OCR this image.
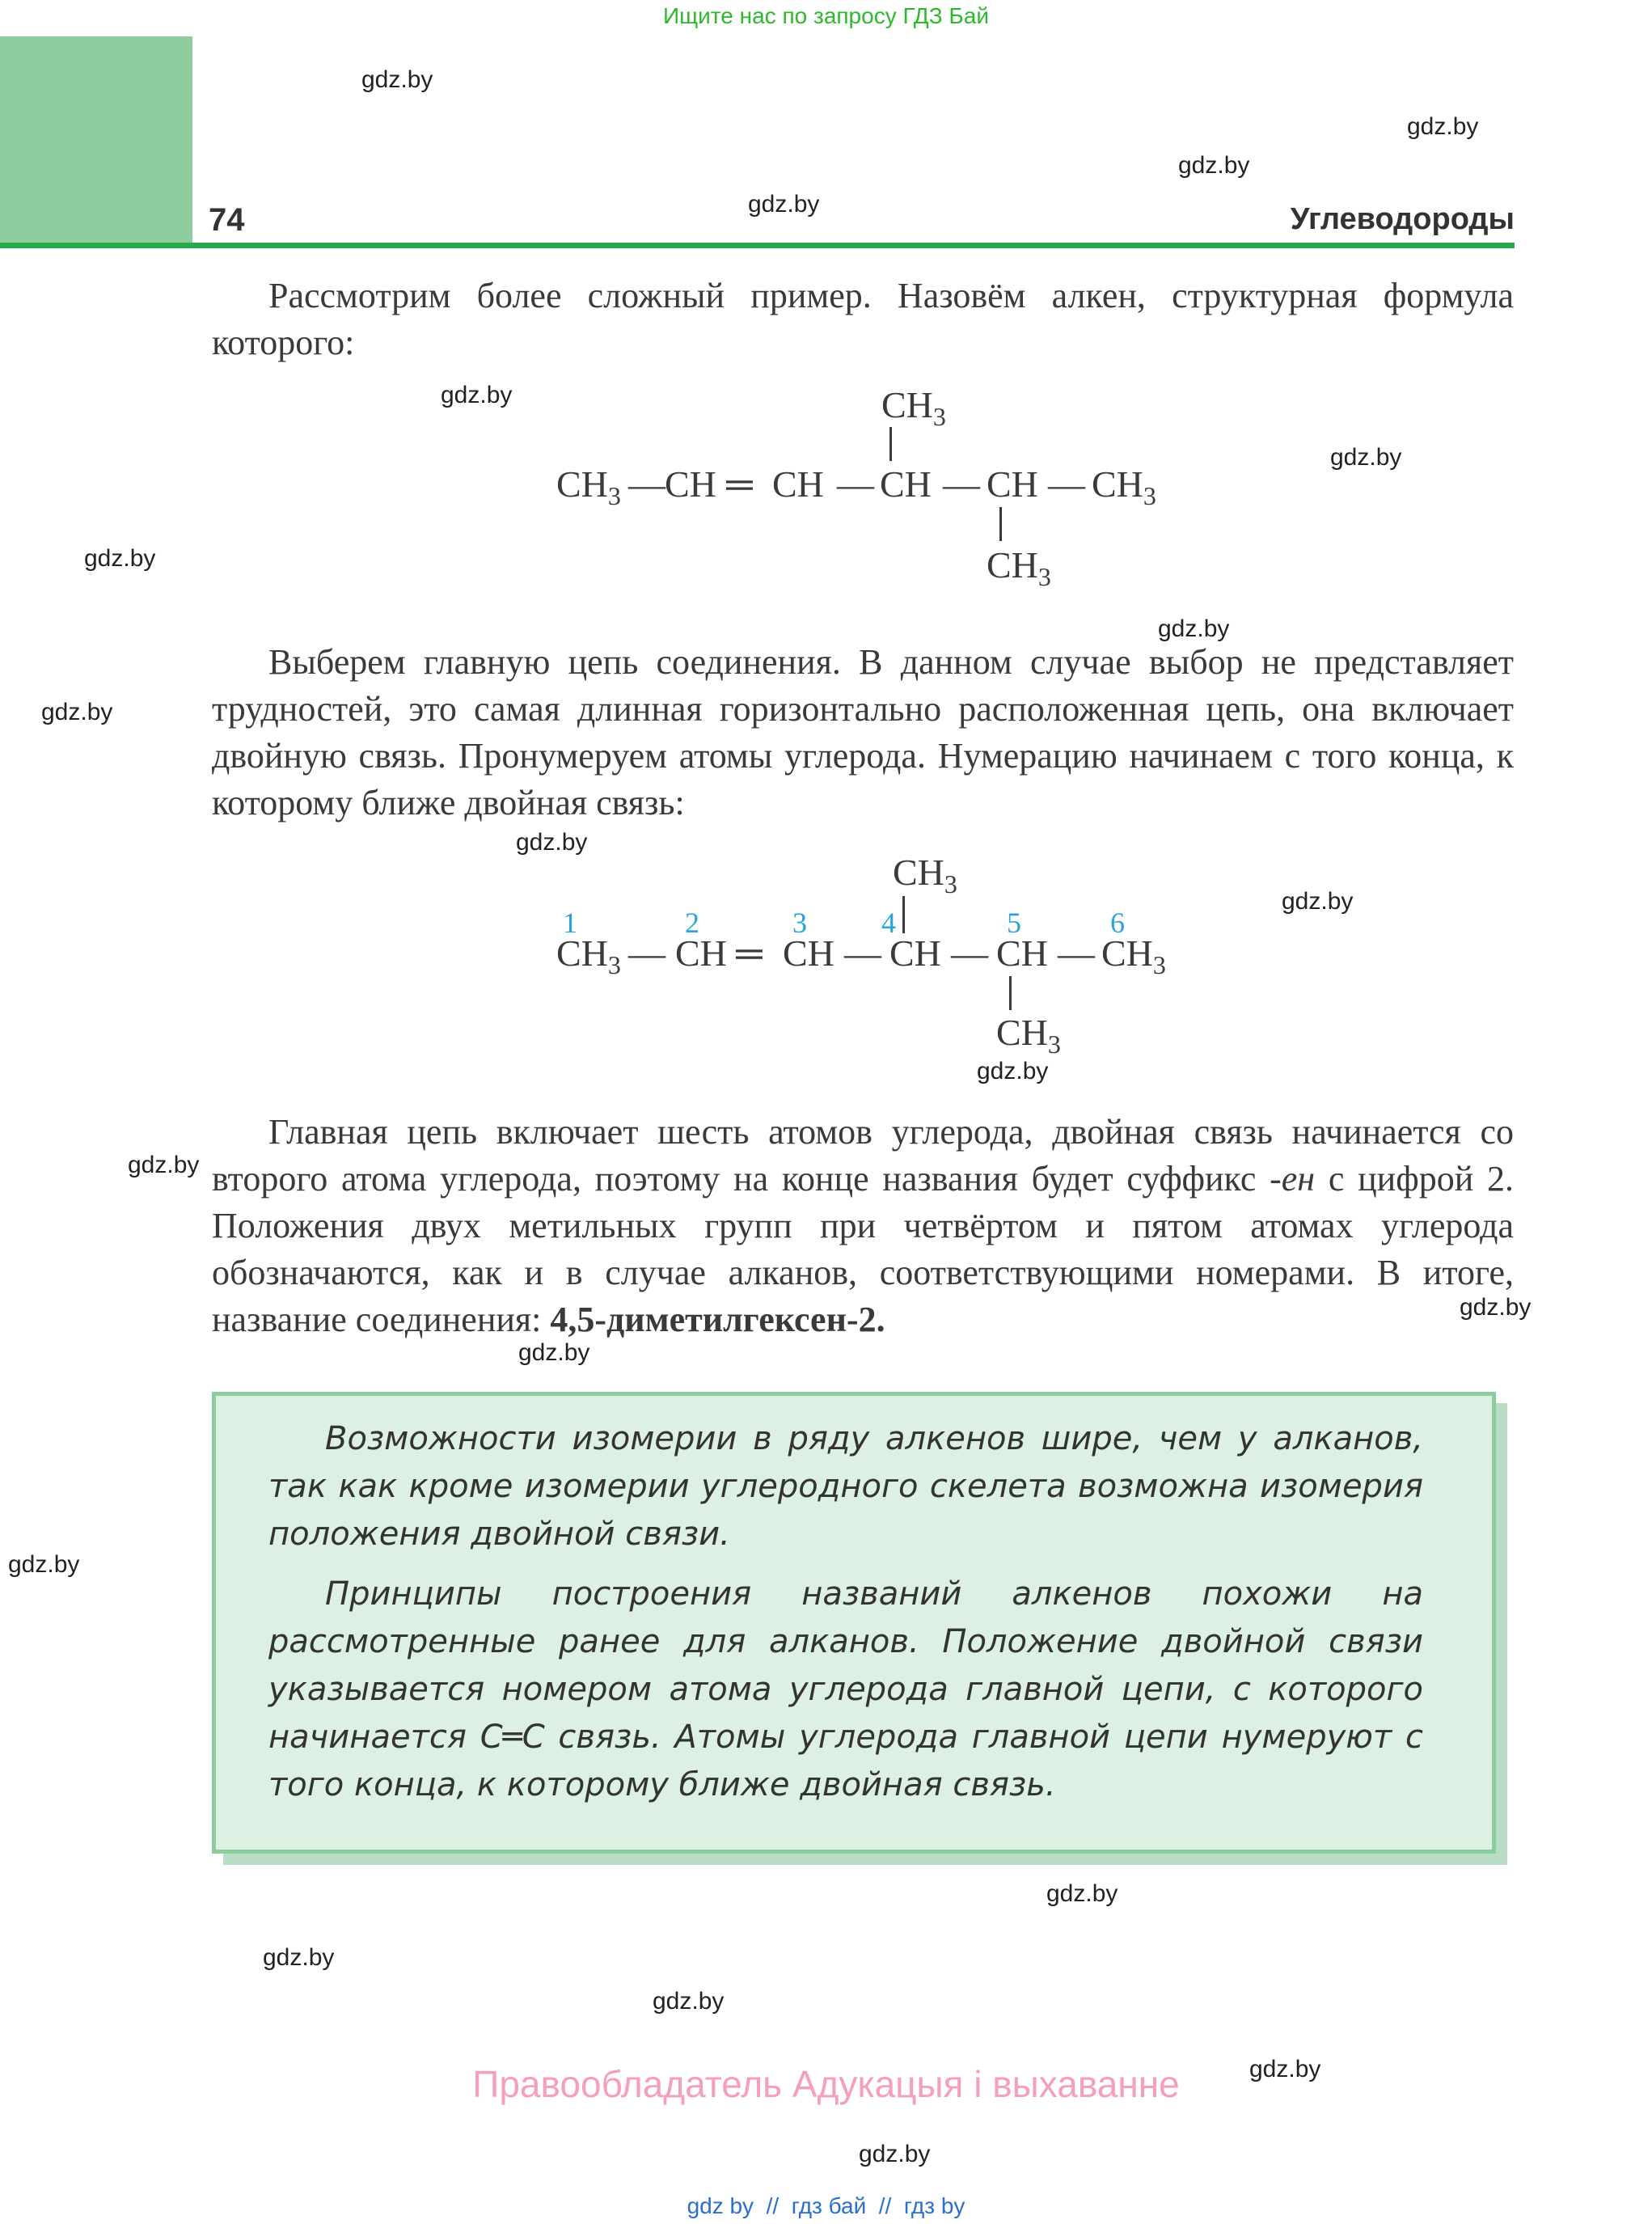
Ищите нас по запросу ГДЗ Бай
74	Углеводороды
gdz.by
gdz.by
gdz.by
gdz.by
gdz.by
gdz.by
gdz.by
gdz.by
gdz.by
gdz.by
gdz.by
gdz.by
gdz.by
gdz.by
gdz.by
gdz.by
gdz.by
gdz.by
gdz.by
gdz.by
gdz.by

Рассмотрим более сложный пример. Назовём алкен, структурная формула которого:

$CH_3$
$CH_3$ — CH ═ CH — CH — CH — $CH_3$
$CH_3$

Выберем главную цепь соединения. В данном случае выбор не представляет трудностей, это самая длинная горизонтально расположенная цепь, она включает двойную связь. Пронумеруем атомы углерода. Нумерацию начинаем с того конца, к которому ближе двойная связь:

$CH_3$
1	2	3	4	5	6
$CH_3$ — CH ═ CH — CH — CH — $CH_3$
$CH_3$

Главная цепь включает шесть атомов углерода, двойная связь начинается со второго атома углерода, поэтому на конце названия будет суффикс -ен с цифрой 2. Положения двух метильных групп при четвёртом и пятом атомах углерода обозначаются, как и в случае алканов, соответствующими номерами. В итоге, название соединения: 4,5-диметилгексен-2.

Возможности изомерии в ряду алкенов шире, чем у алканов, так как кроме изомерии углеродного скелета возможна изомерия положения двойной связи.

Принципы построения названий алкенов похожи на рассмотренные ранее для алканов. Положение двойной связи указывается номером атома углерода главной цепи, с которого начинается C═C связь. Атомы углерода главной цепи нумеруют с того конца, к которому ближе двойная связь.

Правообладатель Адукацыя і выхаванне
gdz by  //  гдз бай  //  гдз by
